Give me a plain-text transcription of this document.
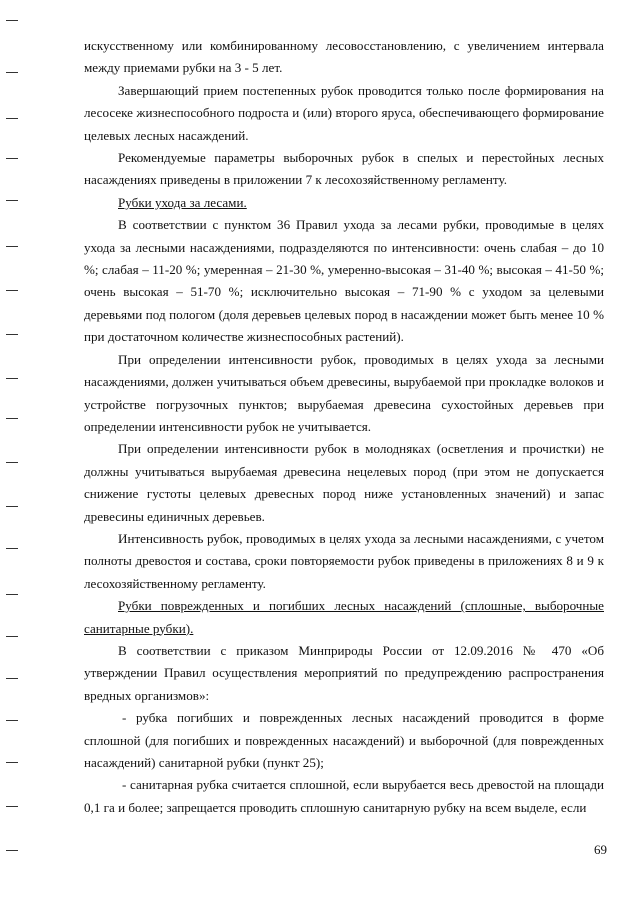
искусственному или комбинированному лесовосстановлению, с увеличением интервала между приемами рубки на 3 - 5 лет.

Завершающий прием постепенных рубок проводится только после формирования на лесосеке жизнеспособного подроста и (или) второго яруса, обеспечивающего формирование целевых лесных насаждений.

Рекомендуемые параметры выборочных рубок в спелых и перестойных лесных насаждениях приведены в приложении 7 к лесохозяйственному регламенту.

Рубки ухода за лесами.

В соответствии с пунктом 36 Правил ухода за лесами рубки, проводимые в целях ухода за лесными насаждениями, подразделяются по интенсивности: очень слабая – до 10 %; слабая – 11-20 %; умеренная – 21-30 %, умеренно-высокая – 31-40 %; высокая – 41-50 %; очень высокая – 51-70 %; исключительно высокая – 71-90 % с уходом за целевыми деревьями под пологом (доля деревьев целевых пород в насаждении может быть менее 10 % при достаточном количестве жизнеспособных растений).

При определении интенсивности рубок, проводимых в целях ухода за лесными насаждениями, должен учитываться объем древесины, вырубаемой при прокладке волоков и устройстве погрузочных пунктов; вырубаемая древесина сухостойных деревьев при определении интенсивности рубок не учитывается.

При определении интенсивности рубок в молодняках (осветления и прочистки) не должны учитываться вырубаемая древесина нецелевых пород (при этом не допускается снижение густоты целевых древесных пород ниже установленных значений) и запас древесины единичных деревьев.

Интенсивность рубок, проводимых в целях ухода за лесными насаждениями, с учетом полноты древостоя и состава, сроки повторяемости рубок приведены в приложениях 8 и 9 к лесохозяйственному регламенту.

Рубки поврежденных и погибших лесных насаждений (сплошные, выборочные санитарные рубки).

В соответствии с приказом Минприроды России от 12.09.2016 № 470 «Об утверждении Правил осуществления мероприятий по предупреждению распространения вредных организмов»:

- рубка погибших и поврежденных лесных насаждений проводится в форме сплошной (для погибших и поврежденных насаждений) и выборочной (для поврежденных насаждений) санитарной рубки (пункт 25);

- санитарная рубка считается сплошной, если вырубается весь древостой на площади 0,1 га и более; запрещается проводить сплошную санитарную рубку на всем выделе, если

69
